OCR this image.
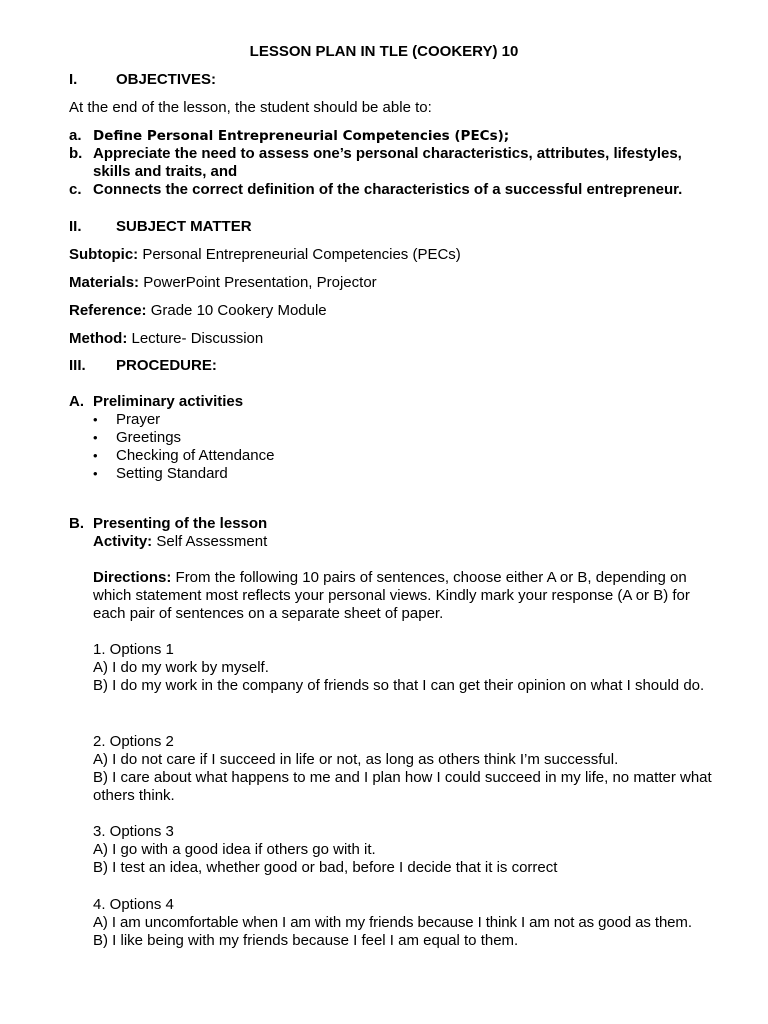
LESSON PLAN IN TLE (COOKERY) 10
I.	OBJECTIVES:
At the end of the lesson, the student should be able to:
a. Define Personal Entrepreneurial Competencies (PECs);
b. Appreciate the need to assess one’s personal characteristics, attributes, lifestyles, skills and traits, and
c. Connects the correct definition of the characteristics of a successful entrepreneur.
II. SUBJECT MATTER
Subtopic: Personal Entrepreneurial Competencies (PECs)
Materials: PowerPoint Presentation, Projector
Reference: Grade 10 Cookery Module
Method: Lecture- Discussion
III. PROCEDURE:
A. Preliminary activities
• Prayer
• Greetings
• Checking of Attendance
• Setting Standard
B. Presenting of the lesson
Activity: Self Assessment
Directions: From the following 10 pairs of sentences, choose either A or B, depending on which statement most reflects your personal views. Kindly mark your response (A or B) for each pair of sentences on a separate sheet of paper.
1. Options 1
A) I do my work by myself.
B) I do my work in the company of friends so that I can get their opinion on what I should do.
2. Options 2
A) I do not care if I succeed in life or not, as long as others think I’m successful.
B) I care about what happens to me and I plan how I could succeed in my life, no matter what others think.
3. Options 3
A) I go with a good idea if others go with it.
B) I test an idea, whether good or bad, before I decide that it is correct
4. Options 4
A) I am uncomfortable when I am with my friends because I think I am not as good as them.
B) I like being with my friends because I feel I am equal to them.
